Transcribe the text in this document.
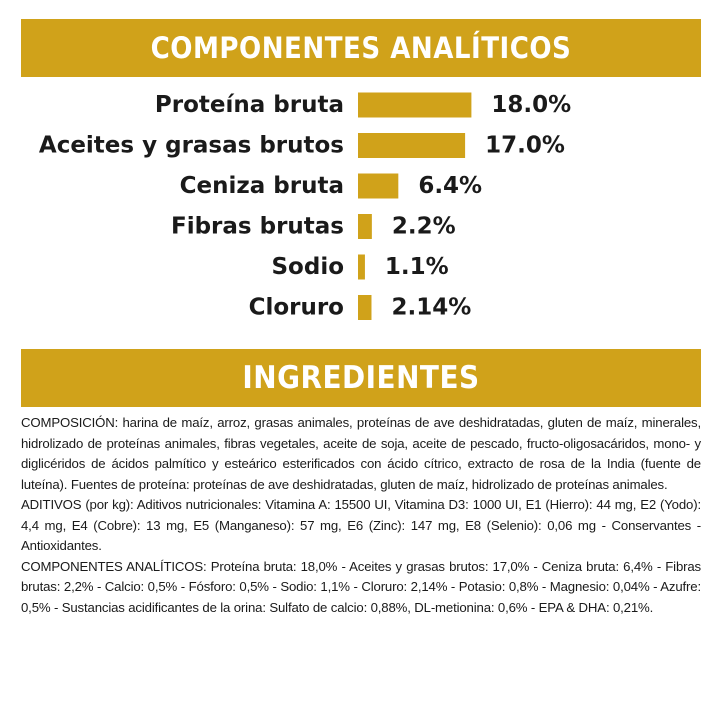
COMPONENTES ANALÍTICOS
Proteína bruta	18.0%
Aceites y grasas brutos	17.0%
Ceniza bruta	6.4%
Fibras brutas 2.2%
Sodio 1.1%
Cloruro 2.14%
INGREDIENTES

COMPOSICIÓN: harina de maíz, arroz, grasas animales, proteínas de ave deshidratadas, gluten de maíz, minerales, hidrolizado de proteínas animales, fibras vegetales, aceite de soja, aceite de pescado, fructo-oligosacáridos, mono- y diglicéridos de ácidos palmítico y esteárico esterificados con ácido cítrico, extracto de rosa de la India (fuente de luteína). Fuentes de proteína: proteínas de ave deshidratadas, gluten de maíz, hidrolizado de proteínas animales.

ADITIVOS (por kg): Aditivos nutricionales: Vitamina A: 15500 UI, Vitamina D3: 1000 UI, E1 (Hierro): 44 mg, E2 (Yodo): 4,4 mg, E4 (Cobre): 13 mg, E5 (Manganeso): 57 mg, E6 (Zinc): 147 mg, E8 (Selenio): 0,06 mg - Conservantes - Antioxidantes.

COMPONENTES ANALÍTICOS: Proteína bruta: 18,0% - Aceites y grasas brutos: 17,0% - Ceniza bruta: 6,4% - Fibras brutas: 2,2% - Calcio: 0,5% - Fósforo: 0,5% - Sodio: 1,1% - Cloruro: 2,14% - Potasio: 0,8% - Magnesio: 0,04% - Azufre: 0,5% - Sustancias acidificantes de la orina: Sulfato de calcio: 0,88%, DL-metionina: 0,6% - EPA & DHA: 0,21%.
